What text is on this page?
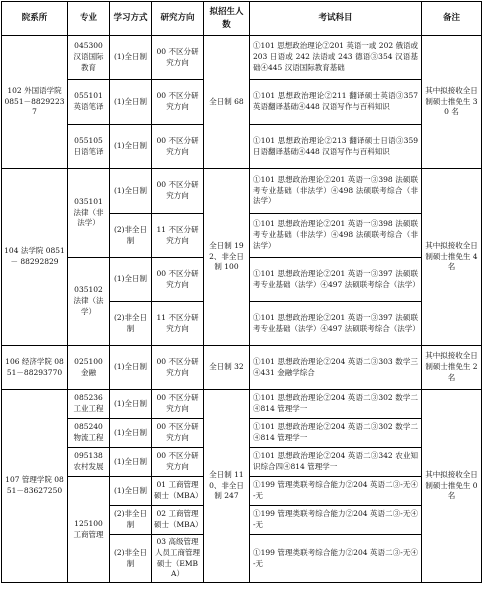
院系所	专业	学习方式	研究方向	拟招生人数	考试科目	备注
102 外国语学院 0851－88292237	045300 汉语国际教育	(1)全日制	00 不区分研究方向	全日制 68	①101 思想政治理论②201 英语一或 202 俄语或 203 日语或 242 法语或 243 德语③354 汉语基础④445 汉语国际教育基础	其中拟接收全日制硕士推免生 30 名
	055101 英语笔译	(1)全日制	00 不区分研究方向		①101 思想政治理论②211 翻译硕士英语③357 英语翻译基础④448 汉语写作与百科知识	
	055105 日语笔译	(1)全日制	00 不区分研究方向		①101 思想政治理论②213 翻译硕士日语③359 日语翻译基础④448 汉语写作与百科知识	
104 法学院 0851－ 88292829	035101 法律（非法学）	(1)全日制	00 不区分研究方向	全日制 192、非全日制 100	①101 思想政治理论②201 英语一③398 法硕联考专业基础（非法学）④498 法硕联考综合（非法学）	其中拟接收全日制硕士推免生 4 名
		(2)非全日制	11 不区分研究方向		①101 思想政治理论②201 英语一③398 法硕联考专业基础（非法学）④498 法硕联考综合（非法学）	
	035102 法律（法学）	(1)全日制	00 不区分研究方向		①101 思想政治理论②201 英语一③397 法硕联考专业基础（法学）④497 法硕联考综合（法学）	
		(2)非全日制	11 不区分研究方向		①101 思想政治理论②201 英语一③397 法硕联考专业基础（法学）④497 法硕联考综合（法学）	
106 经济学院 0851－88293770	025100 金融	(1)全日制	00 不区分研究方向	全日制 32	①101 思想政治理论②204 英语二③303 数学三④431 金融学综合	其中拟接收全日制硕士推免生 2 名
107 管理学院 0851－83627250	085236 工业工程	(1)全日制	00 不区分研究方向	全日制 110、非全日制 247	①101 思想政治理论②204 英语二③302 数学二④814 管理学一	其中拟接收全日制硕士推免生 0 名
	085240 物流工程	(1)全日制	00 不区分研究方向		①101 思想政治理论②204 英语二③302 数学二④814 管理学一	
	095138 农村发展	(1)全日制	00 不区分研究方向		①101 思想政治理论②204 英语二③342 农业知识综合四④814 管理学一	
	125100 工商管理	(1)全日制	01 工商管理硕士（MBA）		①199 管理类联考综合能力②204 英语二③-无④-无	
		(2)非全日制	02 工商管理硕士（MBA）		①199 管理类联考综合能力②204 英语二③-无④-无	
		(2)非全日制	03 高级管理人员工商管理硕士（EMBA）		①199 管理类联考综合能力②204 英语二③-无④-无	
